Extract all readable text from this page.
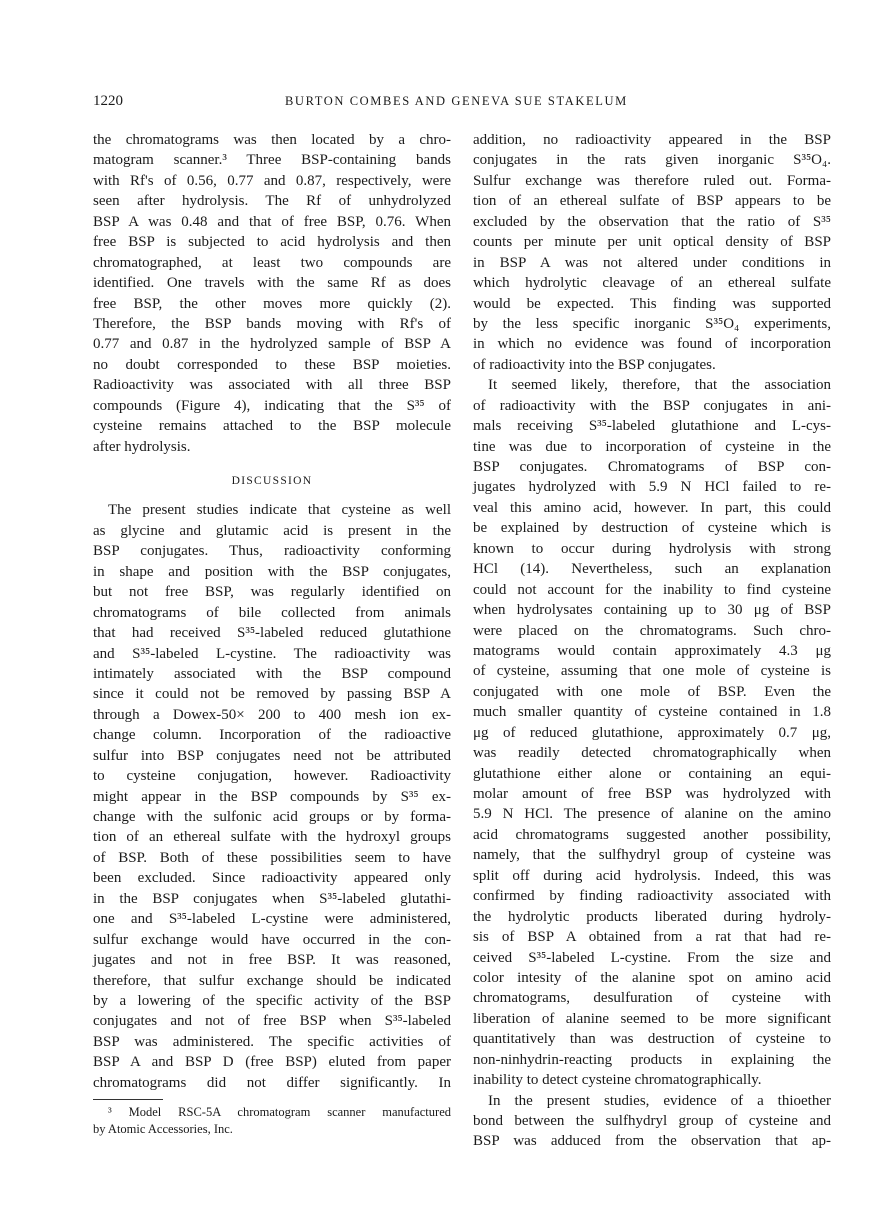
1220	BURTON COMBES AND GENEVA SUE STAKELUM
the chromatograms was then located by a chro-
matogram scanner.³ Three BSP-containing bands
with Rf's of 0.56, 0.77 and 0.87, respectively, were
seen after hydrolysis. The Rf of unhydrolyzed
BSP A was 0.48 and that of free BSP, 0.76. When
free BSP is subjected to acid hydrolysis and then
chromatographed, at least two compounds are
identified. One travels with the same Rf as does
free BSP, the other moves more quickly (2).
Therefore, the BSP bands moving with Rf's of
0.77 and 0.87 in the hydrolyzed sample of BSP A
no doubt corresponded to these BSP moieties.
Radioactivity was associated with all three BSP
compounds (Figure 4), indicating that the S³⁵ of
cysteine remains attached to the BSP molecule
after hydrolysis.
DISCUSSION
The present studies indicate that cysteine as well
as glycine and glutamic acid is present in the
BSP conjugates. Thus, radioactivity conforming
in shape and position with the BSP conjugates,
but not free BSP, was regularly identified on
chromatograms of bile collected from animals
that had received S³⁵-labeled reduced glutathione
and S³⁵-labeled L-cystine. The radioactivity was
intimately associated with the BSP compound
since it could not be removed by passing BSP A
through a Dowex-50× 200 to 400 mesh ion ex-
change column. Incorporation of the radioactive
sulfur into BSP conjugates need not be attributed
to cysteine conjugation, however. Radioactivity
might appear in the BSP compounds by S³⁵ ex-
change with the sulfonic acid groups or by forma-
tion of an ethereal sulfate with the hydroxyl groups
of BSP. Both of these possibilities seem to have
been excluded. Since radioactivity appeared only
in the BSP conjugates when S³⁵-labeled glutathi-
one and S³⁵-labeled L-cystine were administered,
sulfur exchange would have occurred in the con-
jugates and not in free BSP. It was reasoned,
therefore, that sulfur exchange should be indicated
by a lowering of the specific activity of the BSP
conjugates and not of free BSP when S³⁵-labeled
BSP was administered. The specific activities of
BSP A and BSP D (free BSP) eluted from paper
chromatograms did not differ significantly. In
³ Model RSC-5A chromatogram scanner manufactured
by Atomic Accessories, Inc.
addition, no radioactivity appeared in the BSP
conjugates in the rats given inorganic S³⁵O₄.
Sulfur exchange was therefore ruled out. Forma-
tion of an ethereal sulfate of BSP appears to be
excluded by the observation that the ratio of S³⁵
counts per minute per unit optical density of BSP
in BSP A was not altered under conditions in
which hydrolytic cleavage of an ethereal sulfate
would be expected. This finding was supported
by the less specific inorganic S³⁵O₄ experiments,
in which no evidence was found of incorporation
of radioactivity into the BSP conjugates.
It seemed likely, therefore, that the association
of radioactivity with the BSP conjugates in ani-
mals receiving S³⁵-labeled glutathione and L-cys-
tine was due to incorporation of cysteine in the
BSP conjugates. Chromatograms of BSP con-
jugates hydrolyzed with 5.9 N HCl failed to re-
veal this amino acid, however. In part, this could
be explained by destruction of cysteine which is
known to occur during hydrolysis with strong
HCl (14). Nevertheless, such an explanation
could not account for the inability to find cysteine
when hydrolysates containing up to 30 μg of BSP
were placed on the chromatograms. Such chro-
matograms would contain approximately 4.3 μg
of cysteine, assuming that one mole of cysteine is
conjugated with one mole of BSP. Even the
much smaller quantity of cysteine contained in 1.8
μg of reduced glutathione, approximately 0.7 μg,
was readily detected chromatographically when
glutathione either alone or containing an equi-
molar amount of free BSP was hydrolyzed with
5.9 N HCl. The presence of alanine on the amino
acid chromatograms suggested another possibility,
namely, that the sulfhydryl group of cysteine was
split off during acid hydrolysis. Indeed, this was
confirmed by finding radioactivity associated with
the hydrolytic products liberated during hydroly-
sis of BSP A obtained from a rat that had re-
ceived S³⁵-labeled L-cystine. From the size and
color intesity of the alanine spot on amino acid
chromatograms, desulfuration of cysteine with
liberation of alanine seemed to be more significant
quantitatively than was destruction of cysteine to
non-ninhydrin-reacting products in explaining the
inability to detect cysteine chromatographically.
In the present studies, evidence of a thioether
bond between the sulfhydryl group of cysteine and
BSP was adduced from the observation that ap-
